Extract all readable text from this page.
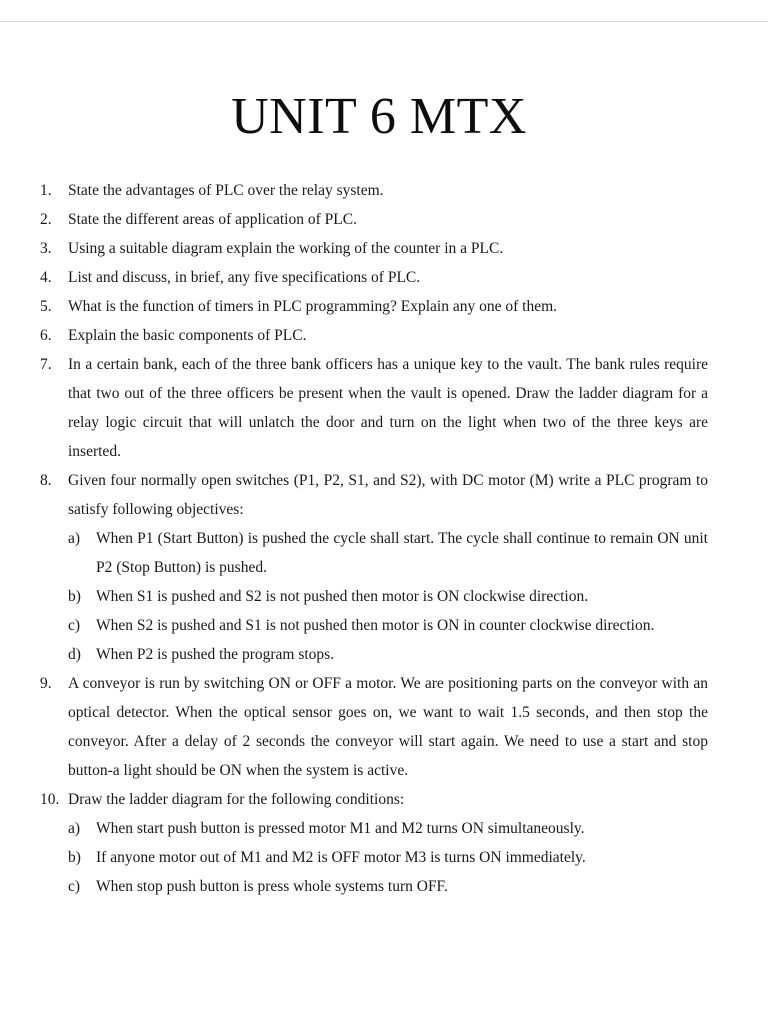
UNIT 6 MTX
1. State the advantages of PLC over the relay system.
2. State the different areas of application of PLC.
3. Using a suitable diagram explain the working of the counter in a PLC.
4. List and discuss, in brief, any five specifications of PLC.
5. What is the function of timers in PLC programming? Explain any one of them.
6. Explain the basic components of PLC.
7. In a certain bank, each of the three bank officers has a unique key to the vault. The bank rules require that two out of the three officers be present when the vault is opened. Draw the ladder diagram for a relay logic circuit that will unlatch the door and turn on the light when two of the three keys are inserted.
8. Given four normally open switches (P1, P2, S1, and S2), with DC motor (M) write a PLC program to satisfy following objectives:
a) When P1 (Start Button) is pushed the cycle shall start. The cycle shall continue to remain ON unit P2 (Stop Button) is pushed.
b) When S1 is pushed and S2 is not pushed then motor is ON clockwise direction.
c) When S2 is pushed and S1 is not pushed then motor is ON in counter clockwise direction.
d) When P2 is pushed the program stops.
9. A conveyor is run by switching ON or OFF a motor. We are positioning parts on the conveyor with an optical detector. When the optical sensor goes on, we want to wait 1.5 seconds, and then stop the conveyor. After a delay of 2 seconds the conveyor will start again. We need to use a start and stop button-a light should be ON when the system is active.
10. Draw the ladder diagram for the following conditions:
a) When start push button is pressed motor M1 and M2 turns ON simultaneously.
b) If anyone motor out of M1 and M2 is OFF motor M3 is turns ON immediately.
c) When stop push button is press whole systems turn OFF.
